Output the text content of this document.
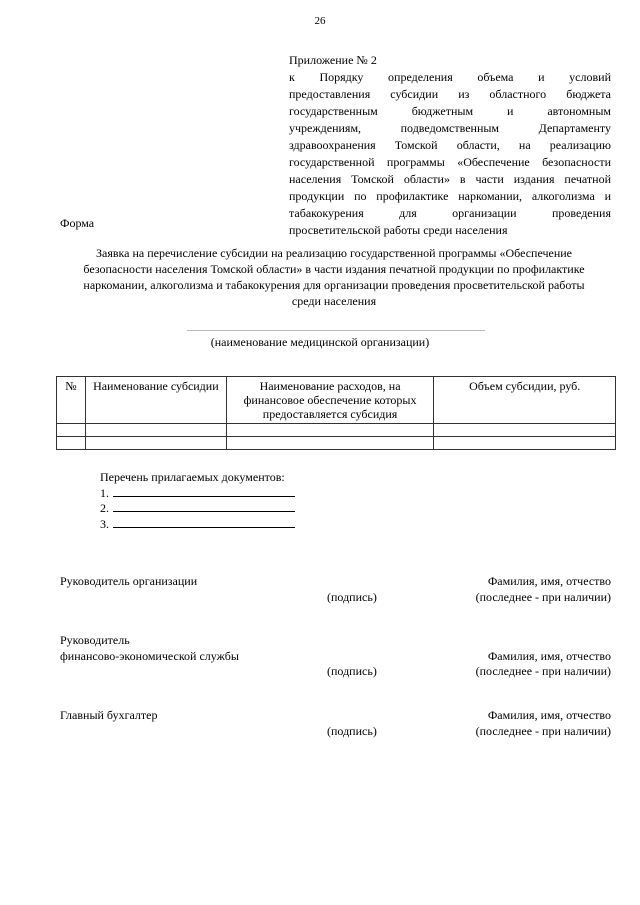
26
Приложение № 2
к Порядку определения объема и условий
предоставления субсидии из областного бюджета
государственным бюджетным и автономным
учреждениям, подведомственным Департаменту
здравоохранения Томской области, на реализацию
государственной программы «Обеспечение безопасности
населения Томской области» в части издания печатной
продукции по профилактике наркомании, алкоголизма и
табакокурения для организации проведения
просветительской работы среди населения
Форма
Заявка на перечисление субсидии на реализацию государственной программы «Обеспечение
безопасности населения Томской области» в части издания печатной продукции по профилактике
наркомании, алкоголизма и табакокурения для организации проведения просветительской работы
среди населения
(наименование медицинской организации)
№	Наименование субсидии	Наименование расходов, на финансовое обеспечение которых предоставляется субсидия	Объем субсидии, руб.

Перечень прилагаемых документов:
1.
2.
3.
Руководитель организации
(подпись)
Фамилия, имя, отчество
(последнее - при наличии)
Руководитель
финансово-экономической службы
(подпись)
Фамилия, имя, отчество
(последнее - при наличии)
Главный бухгалтер
(подпись)
Фамилия, имя, отчество
(последнее - при наличии)
